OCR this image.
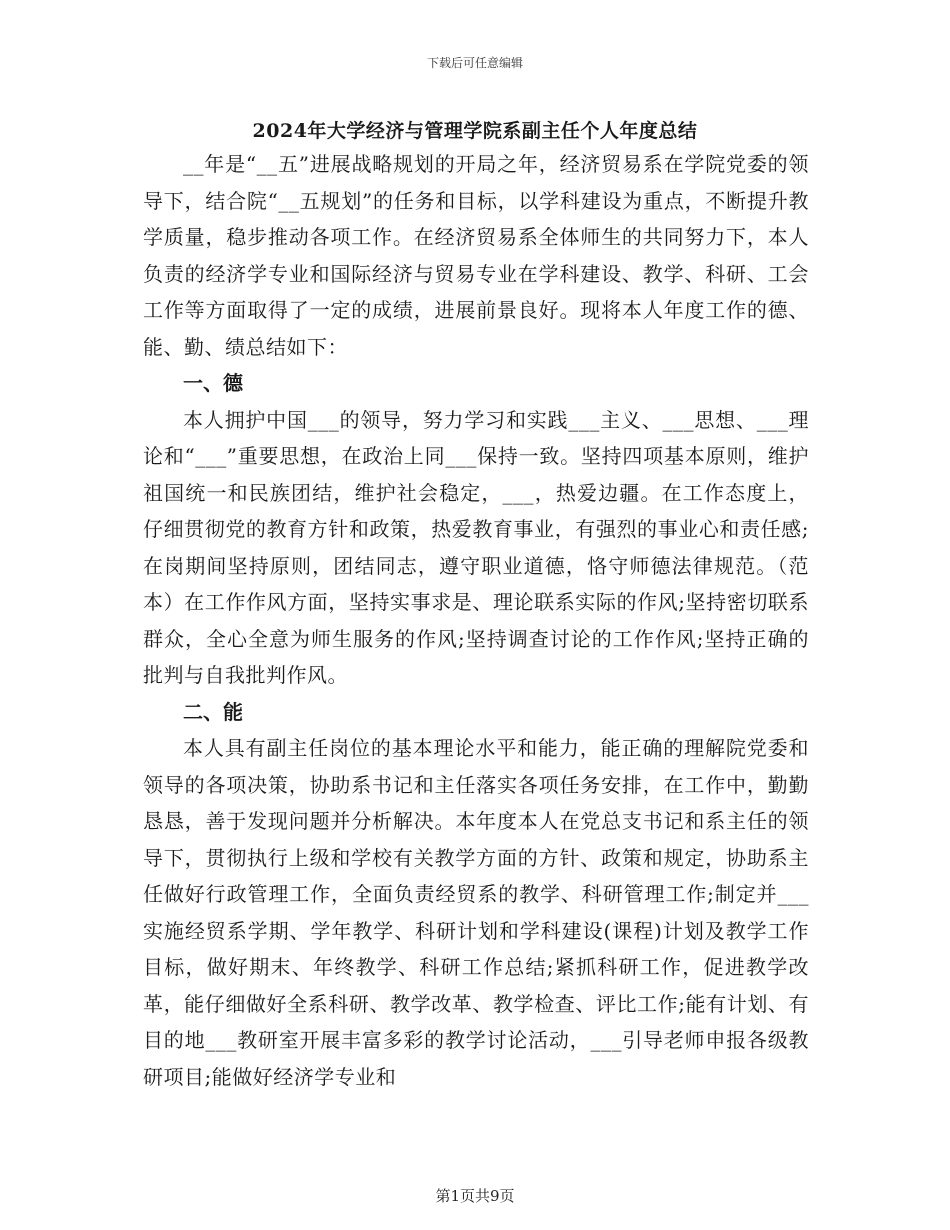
下载后可任意编辑
2024年大学经济与管理学院系副主任个人年度总结

__年是“__五”进展战略规划的开局之年，经济贸易系在学院党委的领导下，结合院“__五规划”的任务和目标，以学科建设为重点，不断提升教学质量，稳步推动各项工作。在经济贸易系全体师生的共同努力下，本人负责的经济学专业和国际经济与贸易专业在学科建设、教学、科研、工会工作等方面取得了一定的成绩，进展前景良好。现将本人年度工作的德、能、勤、绩总结如下：

一、德

本人拥护中国___的领导，努力学习和实践___主义、___思想、___理论和“___”重要思想，在政治上同___保持一致。坚持四项基本原则，维护祖国统一和民族团结，维护社会稳定，___，热爱边疆。在工作态度上，仔细贯彻党的教育方针和政策，热爱教育事业，有强烈的事业心和责任感;在岗期间坚持原则，团结同志，遵守职业道德，恪守师德法律规范。（范本）在工作作风方面，坚持实事求是、理论联系实际的作风;坚持密切联系群众，全心全意为师生服务的作风;坚持调查讨论的工作作风;坚持正确的批判与自我批判作风。

二、能

本人具有副主任岗位的基本理论水平和能力，能正确的理解院党委和领导的各项决策，协助系书记和主任落实各项任务安排，在工作中，勤勤恳恳，善于发现问题并分析解决。本年度本人在党总支书记和系主任的领导下，贯彻执行上级和学校有关教学方面的方针、政策和规定，协助系主任做好行政管理工作，全面负责经贸系的教学、科研管理工作;制定并___实施经贸系学期、学年教学、科研计划和学科建设(课程)计划及教学工作目标，做好期末、年终教学、科研工作总结;紧抓科研工作，促进教学改革，能仔细做好全系科研、教学改革、教学检查、评比工作;能有计划、有目的地___教研室开展丰富多彩的教学讨论活动，___引导老师申报各级教研项目;能做好经济学专业和

第1页共9页
